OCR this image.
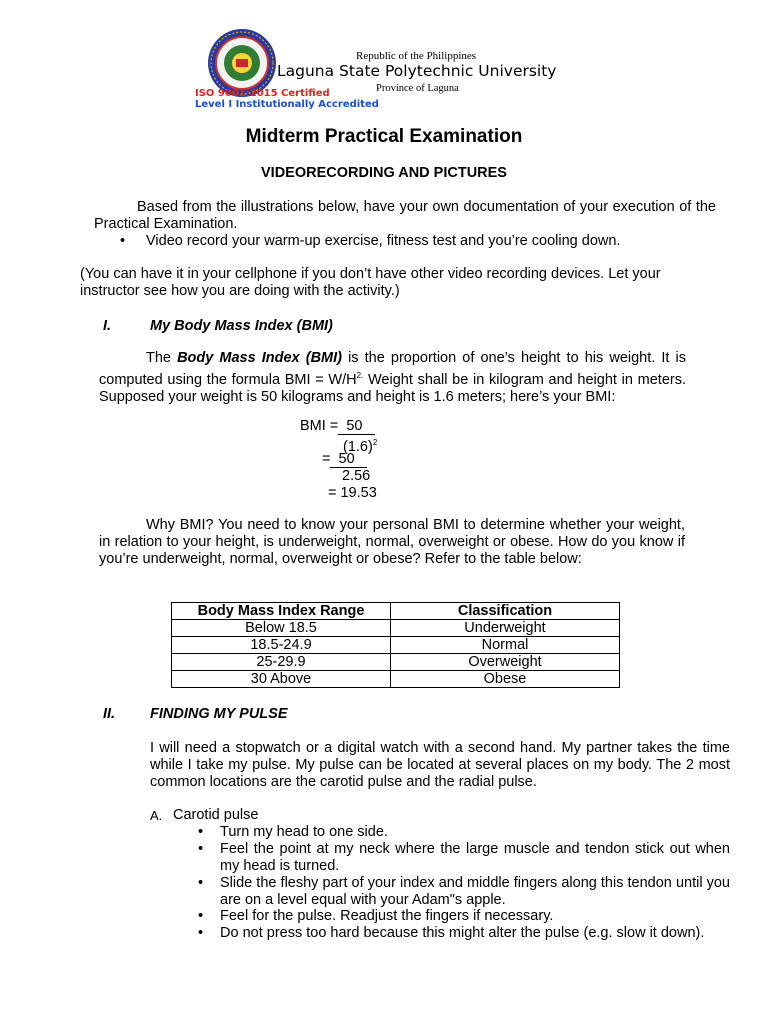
Republic of the Philippines
Laguna State Polytechnic University
Province of Laguna
ISO 9001:2015 Certified
Level I Institutionally Accredited
Midterm Practical Examination
VIDEORECORDING AND PICTURES
Based from the illustrations below, have your own documentation of your execution of the Practical Examination.
• Video record your warm-up exercise, fitness test and you’re cooling down.
(You can have it in your cellphone if you don’t have other video recording devices. Let your instructor see how you are doing with the activity.)
I.	My Body Mass Index (BMI)
The Body Mass Index (BMI) is the proportion of one’s height to his weight. It is computed using the formula BMI = $W/H^{2.}$ Weight shall be in kilogram and height in meters. Supposed your weight is 50 kilograms and height is 1.6 meters; here’s your BMI:
BMI =  50
$(1.6)^2$
=  50
2.56
= 19.53
Why BMI? You need to know your personal BMI to determine whether your weight, in relation to your height, is underweight, normal, overweight or obese. How do you know if you’re underweight, normal, overweight or obese? Refer to the table below:
Body Mass Index Range	Classification
Below 18.5	Underweight
18.5-24.9	Normal
25-29.9	Overweight
30 Above	Obese
II. FINDING MY PULSE
I will need a stopwatch or a digital watch with a second hand. My partner takes the time while I take my pulse. My pulse can be located at several places on my body. The 2 most common locations are the carotid pulse and the radial pulse.
A. Carotid pulse
• Turn my head to one side.
• Feel the point at my neck where the large muscle and tendon stick out when my head is turned.
• Slide the fleshy part of your index and middle fingers along this tendon until you are on a level equal with your Adam"s apple.
• Feel for the pulse. Readjust the fingers if necessary.
• Do not press too hard because this might alter the pulse (e.g. slow it down).
